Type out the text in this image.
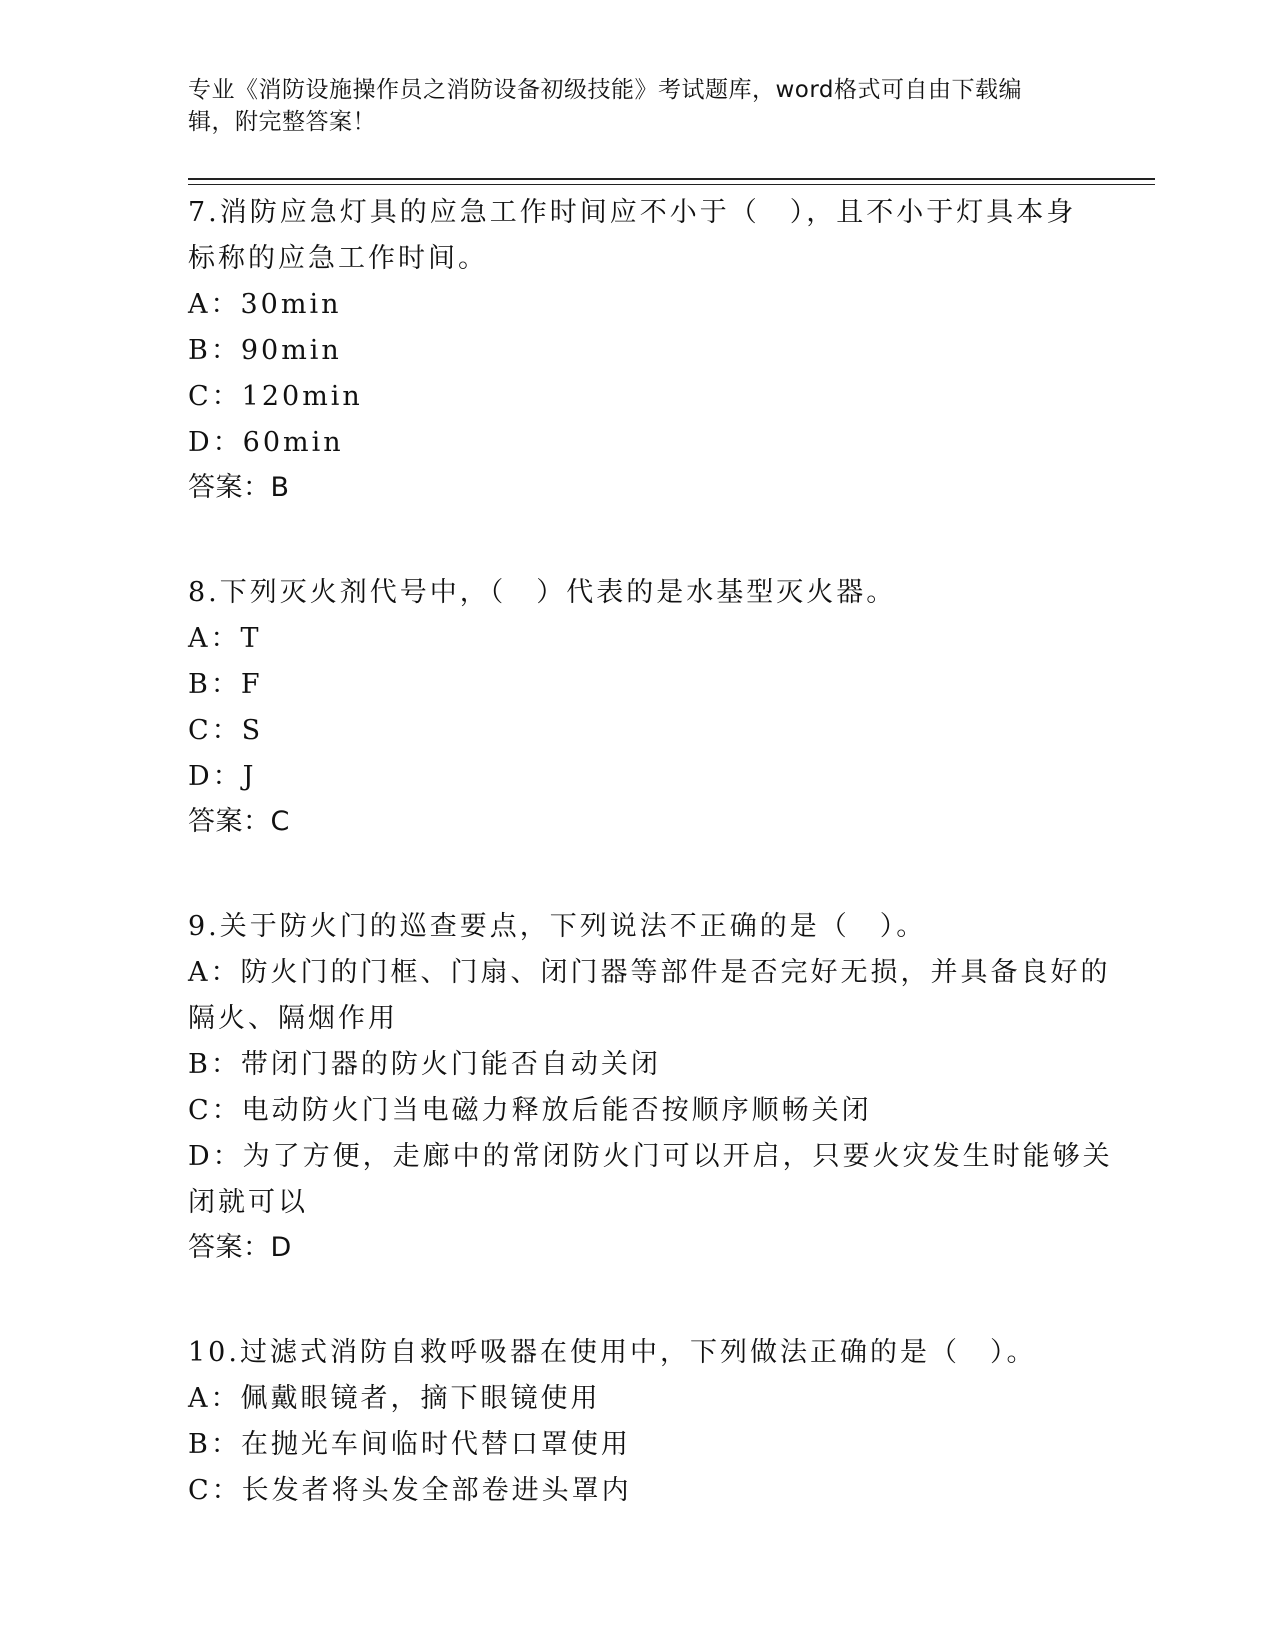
专业《消防设施操作员之消防设备初级技能》考试题库，word格式可自由下载编
辑，附完整答案！
7.消防应急灯具的应急工作时间应不小于（　），且不小于灯具本身
标称的应急工作时间。
A：30min
B：90min
C：120min
D：60min
答案：B
8.下列灭火剂代号中，（　）代表的是水基型灭火器。
A：T
B：F
C：S
D：J
答案：C
9.关于防火门的巡查要点，下列说法不正确的是（　）。
A：防火门的门框、门扇、闭门器等部件是否完好无损，并具备良好的
隔火、隔烟作用
B：带闭门器的防火门能否自动关闭
C：电动防火门当电磁力释放后能否按顺序顺畅关闭
D：为了方便，走廊中的常闭防火门可以开启，只要火灾发生时能够关
闭就可以
答案：D
10.过滤式消防自救呼吸器在使用中，下列做法正确的是（　）。
A：佩戴眼镜者，摘下眼镜使用
B：在抛光车间临时代替口罩使用
C：长发者将头发全部卷进头罩内
